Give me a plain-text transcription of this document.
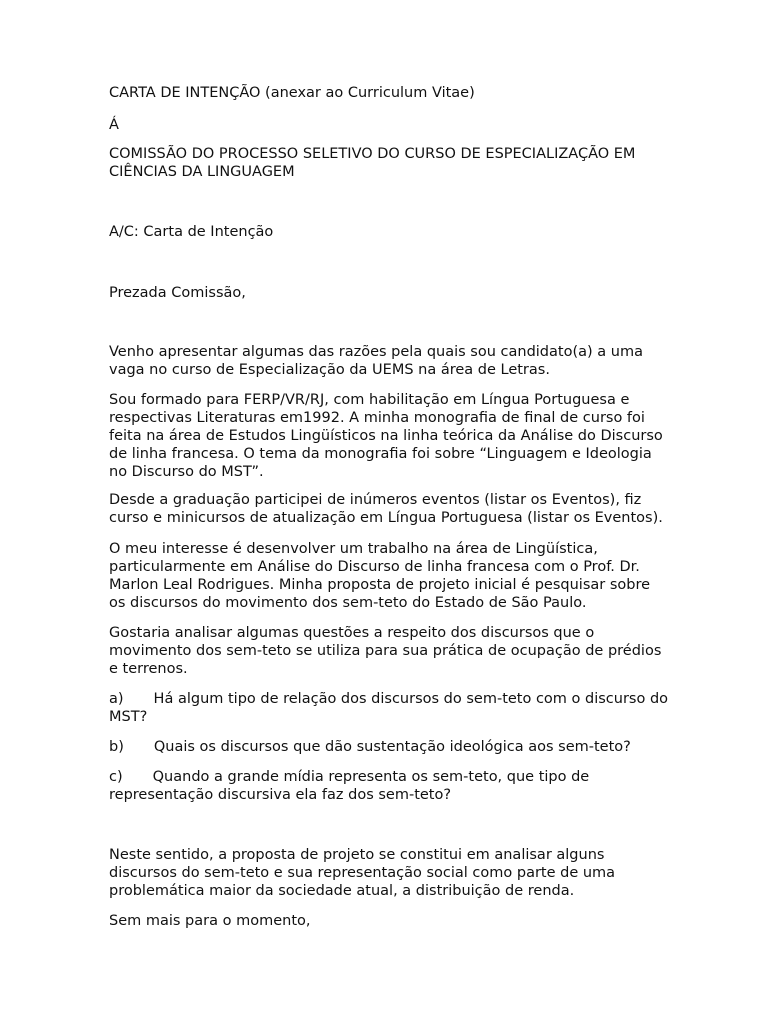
CARTA DE INTENÇÃO (anexar ao Curriculum Vitae)
Á
COMISSÃO DO PROCESSO SELETIVO DO CURSO DE ESPECIALIZAÇÃO EM
CIÊNCIAS DA LINGUAGEM
A/C: Carta de Intenção
Prezada Comissão,
Venho apresentar algumas das razões pela quais sou candidato(a) a uma
vaga no curso de Especialização da UEMS na área de Letras.
Sou formado para FERP/VR/RJ, com habilitação em Língua Portuguesa e
respectivas Literaturas em1992. A minha monografia de final de curso foi
feita na área de Estudos Lingüísticos na linha teórica da Análise do Discurso
de linha francesa. O tema da monografia foi sobre “Linguagem e Ideologia
no Discurso do MST”.
Desde a graduação participei de inúmeros eventos (listar os Eventos), fiz
curso e minicursos de atualização em Língua Portuguesa (listar os Eventos).
O meu interesse é desenvolver um trabalho na área de Lingüística,
particularmente em Análise do Discurso de linha francesa com o Prof. Dr.
Marlon Leal Rodrigues. Minha proposta de projeto inicial é pesquisar sobre
os discursos do movimento dos sem-teto do Estado de São Paulo.
Gostaria analisar algumas questões a respeito dos discursos que o
movimento dos sem-teto se utiliza para sua prática de ocupação de prédios
e terrenos.
a) Há algum tipo de relação dos discursos do sem-teto com o discurso do
MST?
b) Quais os discursos que dão sustentação ideológica aos sem-teto?
c) Quando a grande mídia representa os sem-teto, que tipo de
representação discursiva ela faz dos sem-teto?
Neste sentido, a proposta de projeto se constitui em analisar alguns
discursos do sem-teto e sua representação social como parte de uma
problemática maior da sociedade atual, a distribuição de renda.
Sem mais para o momento,
